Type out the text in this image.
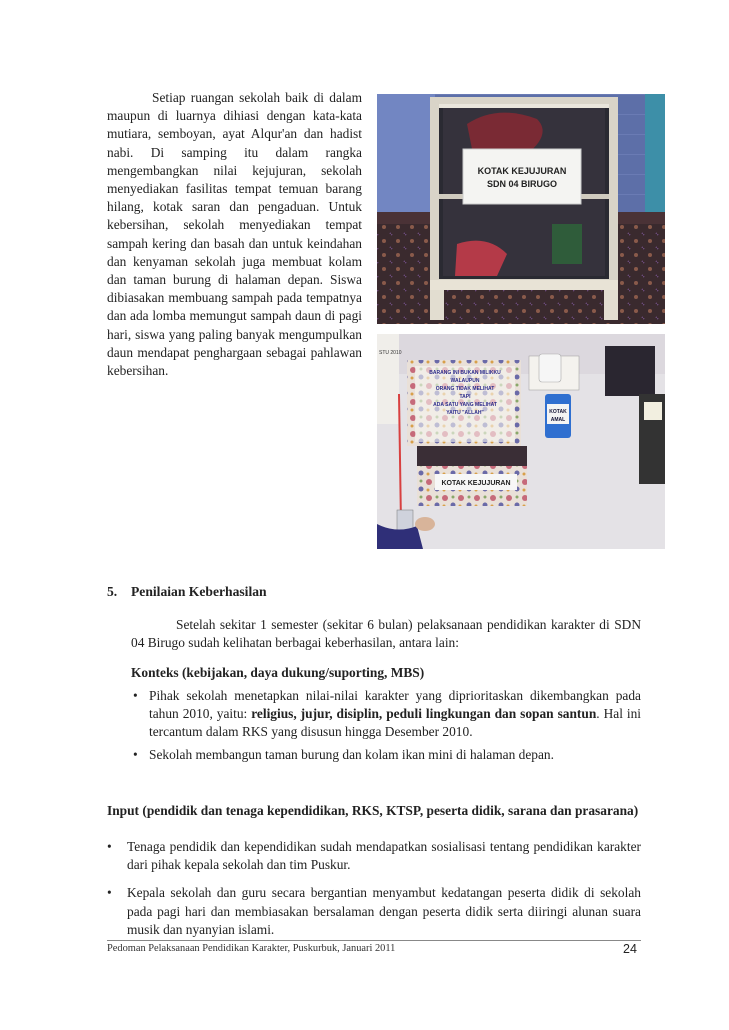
Setiap ruangan sekolah baik di dalam maupun di luarnya dihiasi dengan kata-kata mutiara, semboyan, ayat Alqur'an dan hadist nabi. Di samping itu dalam rangka mengembangkan nilai kejujuran, sekolah menyediakan fasilitas tempat temuan barang hilang, kotak saran dan pengaduan. Untuk kebersihan, sekolah menyediakan tempat sampah kering dan basah dan untuk keindahan dan kenyaman sekolah juga membuat kolam dan taman burung di halaman depan. Siswa dibiasakan membuang sampah pada tempatnya dan ada lomba memungut sampah daun di pagi hari, siswa yang paling banyak mengumpulkan daun mendapat penghargaan sebagai pahlawan kebersihan.
KOTAK KEJUJURAN
SDN 04 BIRUGO
STU 2010
KOTAK
AMAL
BARANG INI BUKAN MILIKKU
WALAUPUN
ORANG TIDAK MELIHAT
TAPI
ADA SATU YANG MELIHAT
YAITU "ALLAH"
KOTAK KEJUJURAN
5. Penilaian Keberhasilan
Setelah sekitar 1 semester (sekitar 6 bulan) pelaksanaan pendidikan karakter di SDN 04 Birugo sudah kelihatan berbagai keberhasilan, antara lain:
Konteks (kebijakan, daya dukung/suporting, MBS)
• Pihak sekolah menetapkan nilai-nilai karakter yang diprioritaskan dikembangkan pada tahun 2010, yaitu: religius, jujur, disiplin, peduli lingkungan dan sopan santun. Hal ini tercantum dalam RKS yang disusun hingga Desember 2010.
• Sekolah membangun taman burung dan kolam ikan mini di halaman depan.
Input (pendidik dan tenaga kependidikan, RKS, KTSP, peserta didik, sarana dan prasarana)
• Tenaga pendidik dan kependidikan sudah mendapatkan sosialisasi tentang pendidikan karakter dari pihak kepala sekolah dan tim Puskur.
• Kepala sekolah dan guru secara bergantian menyambut kedatangan peserta didik di sekolah pada pagi hari dan membiasakan bersalaman dengan peserta didik serta diiringi alunan suara musik dan nyanyian islami.
Pedoman Pelaksanaan Pendidikan Karakter, Puskurbuk, Januari 2011	24
